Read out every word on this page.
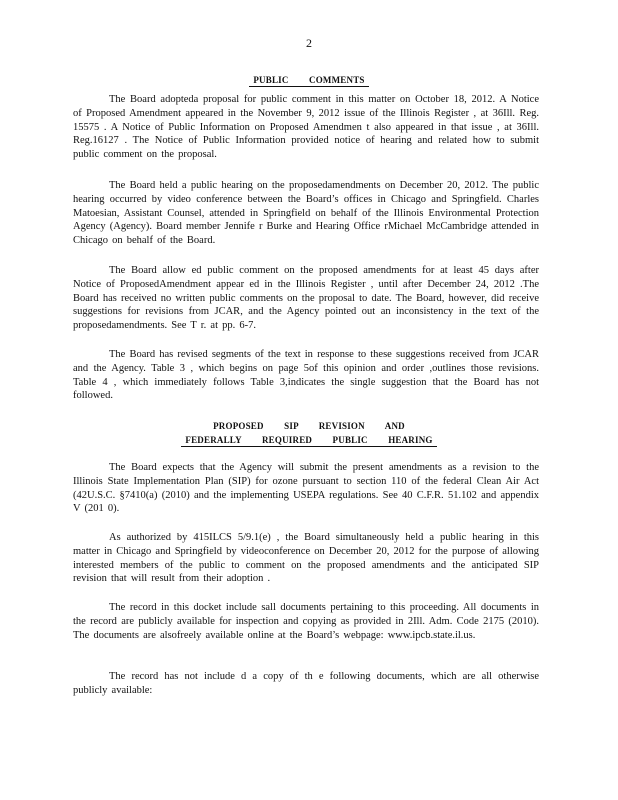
2
PUBLIC COMMENTS

The Board adopteda proposal for public comment in this matter on October 18, 2012. A Notice of Proposed Amendment appeared in the November 9, 2012 issue of the Illinois Register , at 36Ill. Reg. 15575 . A Notice of Public Information on Proposed Amendmen t also appeared in that issue , at 36Ill. Reg.16127 . The Notice of Public Information provided notice of hearing and related how to submit public comment on the proposal.

The Board held a public hearing on the proposedamendments on December 20, 2012. The public hearing occurred by video conference between the Board’s offices in Chicago and Springfield. Charles Matoesian, Assistant Counsel, attended in Springfield on behalf of the Illinois Environmental Protection Agency (Agency). Board member Jennife r Burke and Hearing Office rMichael McCambridge attended in Chicago on behalf of the Board.

The Board allow ed public comment on the proposed amendments for at least 45 days after Notice of ProposedAmendment appear ed in the Illinois Register , until after December 24, 2012 .The Board has received no written public comments on the proposal to date. The Board, however, did receive suggestions for revisions from JCAR, and the Agency pointed out an inconsistency in the text of the proposedamendments. See T r. at pp. 6-7.

The Board has revised segments of the text in response to these suggestions received from JCAR and the Agency. Table 3 , which begins on page 5of this opinion and order ,outlines those revisions. Table 4 , which immediately follows Table 3,indicates the single suggestion that the Board has not followed.

PROPOSED SIP REVISION AND
FEDERALLY REQUIRED PUBLIC HEARING

The Board expects that the Agency will submit the present amendments as a revision to the Illinois State Implementation Plan (SIP) for ozone pursuant to section 110 of the federal Clean Air Act (42U.S.C. §7410(a) (2010) and the implementing USEPA regulations. See 40 C.F.R. 51.102 and appendix V (201 0).

As authorized by 415ILCS 5/9.1(e) , the Board simultaneously held a public hearing in this matter in Chicago and Springfield by videoconference on December 20, 2012 for the purpose of allowing interested members of the public to comment on the proposed amendments and the anticipated SIP revision that will result from their adoption .

The record in this docket include sall documents pertaining to this proceeding. All documents in the record are publicly available for inspection and copying as provided in 2Ill. Adm. Code 2175 (2010). The documents are alsofreely available online at the Board’s webpage: www.ipcb.state.il.us.

The record has not include d a copy of th e following documents, which are all otherwise publicly available:
